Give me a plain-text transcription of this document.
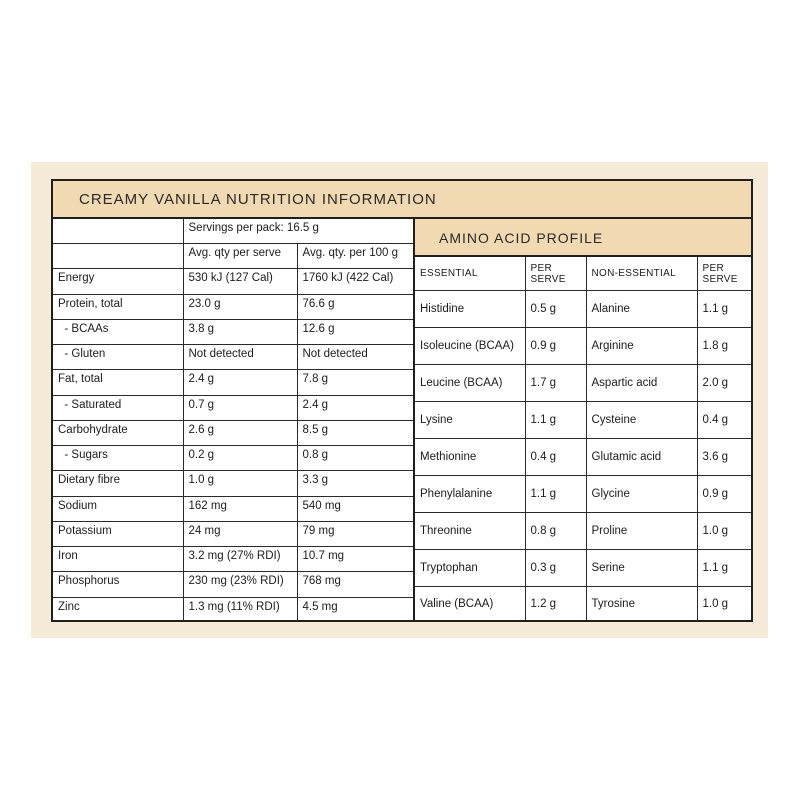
CREAMY VANILLA NUTRITION INFORMATION
	Servings per pack: 16.5 g	
	Avg. qty per serve	Avg. qty. per 100 g
Energy	530 kJ (127 Cal)	1760 kJ (422 Cal)
Protein, total	23.0 g	76.6 g
- BCAAs	3.8 g	12.6 g
- Gluten	Not detected	Not detected
Fat, total	2.4 g	7.8 g
- Saturated	0.7 g	2.4 g
Carbohydrate	2.6 g	8.5 g
- Sugars	0.2 g	0.8 g
Dietary fibre	1.0 g	3.3 g
Sodium	162 mg	540 mg
Potassium	24 mg	79 mg
Iron	3.2 mg (27% RDI)	10.7 mg
Phosphorus	230 mg (23% RDI)	768 mg
Zinc	1.3 mg (11% RDI)	4.5 mg
AMINO ACID PROFILE
ESSENTIAL	PER SERVE	NON-ESSENTIAL	PER SERVE

Histidine	0.5 g	Alanine	1.1 g
Isoleucine (BCAA)	0.9 g	Arginine	1.8 g
Leucine (BCAA)	1.7 g	Aspartic acid	2.0 g
Lysine	1.1 g	Cysteine	0.4 g
Methionine	0.4 g	Glutamic acid	3.6 g
Phenylalanine	1.1 g	Glycine	0.9 g
Threonine	0.8 g	Proline	1.0 g
Tryptophan	0.3 g	Serine	1.1 g
Valine (BCAA)	1.2 g	Tyrosine	1.0 g
